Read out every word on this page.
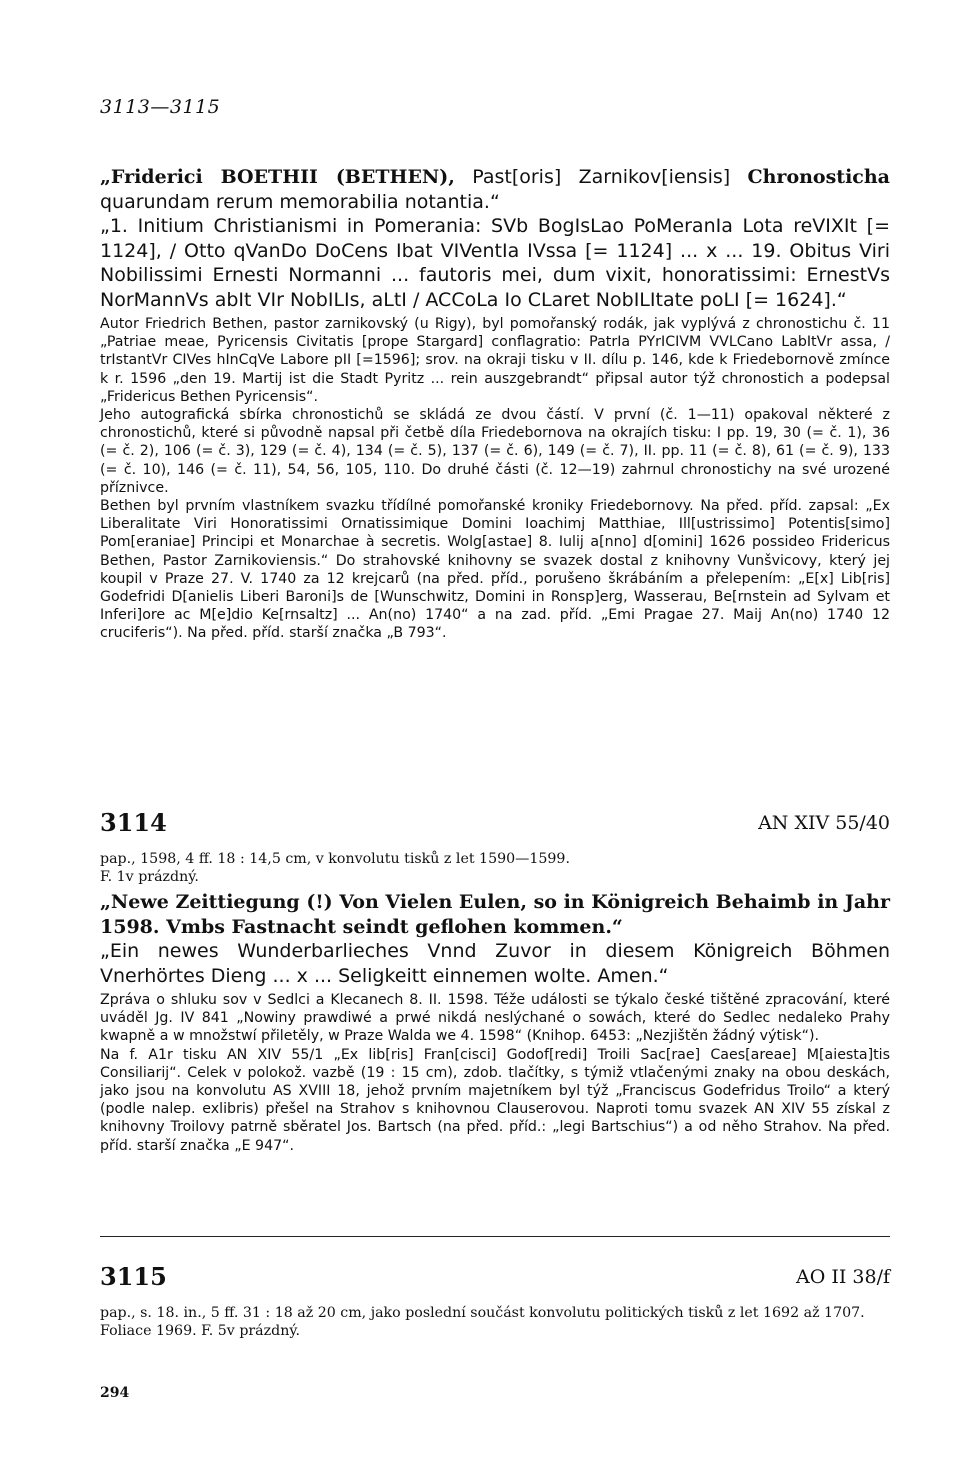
3113—3115

„Friderici BOETHII (BETHEN), Past[oris] Zarnikov[iensis] Chronosticha quarundam rerum memorabilia notantia.“

„1. Initium Christianismi in Pomerania: SVb BogIsLao PoMeranIa Lota reVIXIt [= 1124], / Otto qVanDo DoCens Ibat VIVentIa IVssa [= 1124] ... x ... 19. Obitus Viri Nobilissimi Ernesti Normanni ... fautoris mei, dum vixit, honoratissimi: ErnestVs NorMannVs abIt VIr NobILIs, aLtI / ACCoLa Io CLaret NobILItate poLI [= 1624].“

Autor Friedrich Bethen, pastor zarnikovský (u Rigy), byl pomořanský rodák, jak vyplývá z chronostichu č. 11 „Patriae meae, Pyricensis Civitatis [prope Stargard] conflagratio: PatrIa PYrICIVM VVLCano LabItVr assa, / trIstantVr CIVes hInCqVe Labore pII [=1596]; srov. na okraji tisku v II. dílu p. 146, kde k Friedebornově zmínce k r. 1596 „den 19. Martij ist die Stadt Pyritz ... rein auszgebrandt“ připsal autor týž chronostich a podepsal „Fridericus Bethen Pyricensis“.

Jeho autografická sbírka chronostichů se skládá ze dvou částí. V první (č. 1—11) opakoval některé z chronostichů, které si původně napsal při četbě díla Friedebornova na okrajích tisku: I pp. 19, 30 (= č. 1), 36 (= č. 2), 106 (= č. 3), 129 (= č. 4), 134 (= č. 5), 137 (= č. 6), 149 (= č. 7), II. pp. 11 (= č. 8), 61 (= č. 9), 133 (= č. 10), 146 (= č. 11), 54, 56, 105, 110. Do druhé části (č. 12—19) zahrnul chronostichy na své urozené příznivce.

Bethen byl prvním vlastníkem svazku třídílné pomořanské kroniky Friedebornovy. Na před. příd. zapsal: „Ex Liberalitate Viri Honoratissimi Ornatissimique Domini Ioachimj Matthiae, Ill[ustrissimo] Potentis[simo] Pom[eraniae] Principi et Monarchae à secretis. Wolg[astae] 8. Iulij a[nno] d[omini] 1626 possideo Fridericus Bethen, Pastor Zarnikoviensis.“ Do strahovské knihovny se svazek dostal z knihovny Vunšvicovy, který jej koupil v Praze 27. V. 1740 za 12 krejcarů (na před. příd., porušeno škrábáním a přelepením: „E[x] Lib[ris] Godefridi D[anielis Liberi Baroni]s de [Wunschwitz, Domini in Ronsp]erg, Wasserau, Be[rnstein ad Sylvam et Inferi]ore ac M[e]dio Ke[rnsaltz] ... An(no) 1740“ a na zad. příd. „Emi Pragae 27. Maij An(no) 1740 12 cruciferis“). Na před. příd. starší značka „B 793“.

3114	AN XIV 55/40

pap., 1598, 4 ff. 18 : 14,5 cm, v konvolutu tisků z let 1590—1599.

F. 1v prázdný.

„Newe Zeittiegung (!) Von Vielen Eulen, so in Königreich Behaimb in Jahr 1598. Vmbs Fastnacht seindt geflohen kommen.“

„Ein newes Wunderbarlieches Vnnd Zuvor in diesem Königreich Böhmen Vnerhörtes Dieng ... x ... Seligkeitt einnemen wolte. Amen.“

Zpráva o shluku sov v Sedlci a Klecanech 8. II. 1598. Téže události se týkalo české tištěné zpracování, které uváděl Jg. IV 841 „Nowiny prawdiwé a prwé nikdá neslýchané o sowách, které do Sedlec nedaleko Prahy kwapně a w množstwí přiletěly, w Praze Walda we 4. 1598“ (Knihop. 6453: „Nezjištěn žádný výtisk“).

Na f. A1r tisku AN XIV 55/1 „Ex lib[ris] Fran[cisci] Godof[redi] Troili Sac[rae] Caes[areae] M[aiesta]tis Consiliarij“. Celek v polokož. vazbě (19 : 15 cm), zdob. tlačítky, s týmiž vtlačenými znaky na obou deskách, jako jsou na konvolutu AS XVIII 18, jehož prvním majetníkem byl týž „Franciscus Godefridus Troilo“ a který (podle nalep. exlibris) přešel na Strahov s knihovnou Clauserovou. Naproti tomu svazek AN XIV 55 získal z knihovny Troilovy patrně sběratel Jos. Bartsch (na před. příd.: „legi Bartschius“) a od něho Strahov. Na před. příd. starší značka „E 947“.

3115	AO II 38/f

pap., s. 18. in., 5 ff. 31 : 18 až 20 cm, jako poslední součást konvolutu politických tisků z let 1692 až 1707.

Foliace 1969. F. 5v prázdný.

294
